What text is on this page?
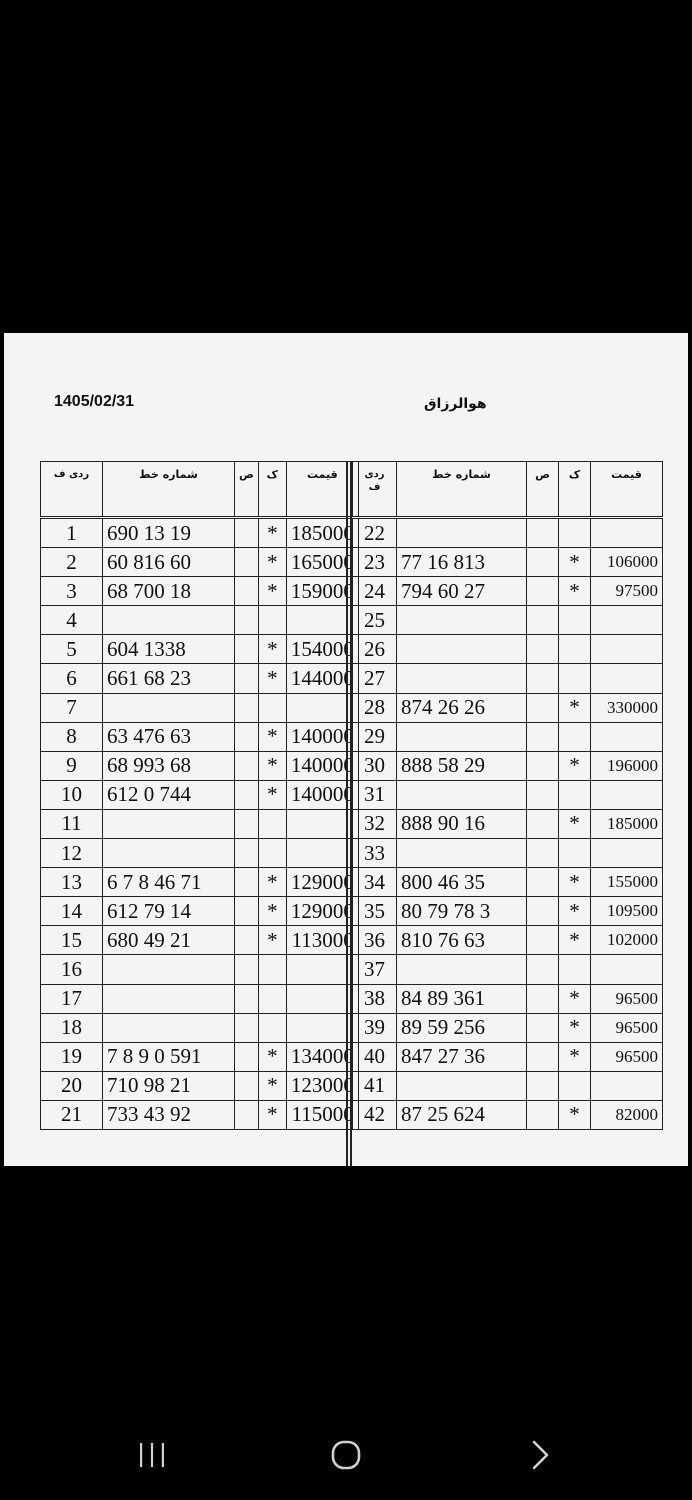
1405/02/31	هوالرزاق
ردی ف	شماره خط	ص	ک	قیمت
1	690 13 19		*	185000
2	60 816 60		*	165000
3	68 700 18		*	159000
4				
5	604 1338		*	154000
6	661 68 23		*	144000
7				
8	63 476 63		*	140000
9	68 993 68		*	140000
10	612 0 744		*	140000
11				
12				
13	6 7 8 46 71		*	129000
14	612 79 14		*	129000
15	680 49 21		*	113000
16				
17				
18				
19	7 8 9 0 591		*	134000
20	710 98 21		*	123000
21	733 43 92		*	115000
ردی ف	شماره خط	ص	ک	قیمت
22				
23	77 16 813		*	106000
24	794 60 27		*	97500
25				
26				
27				
28	874 26 26		*	330000
29				
30	888 58 29		*	196000
31				
32	888 90 16		*	185000
33				
34	800 46 35		*	155000
35	80 79 78 3		*	109500
36	810 76 63		*	102000
37				
38	84 89 361		*	96500
39	89 59 256		*	96500
40	847 27 36		*	96500
41				
42	87 25 624		*	82000
